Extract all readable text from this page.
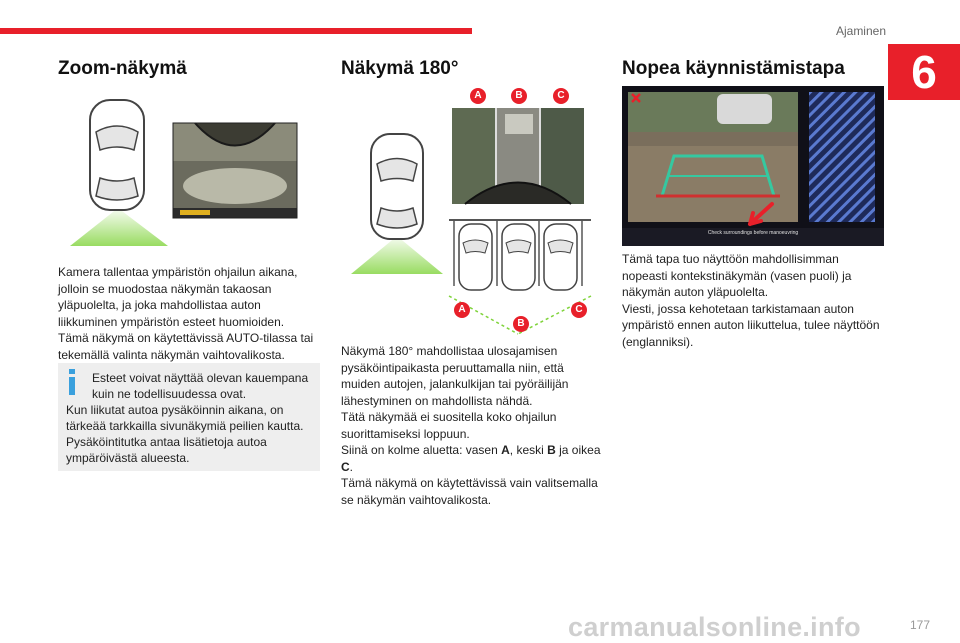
Ajaminen
6
Zoom-näkymä

Kamera tallentaa ympäristön ohjailun aikana,

jolloin se muodostaa näkymän takaosan

yläpuolelta, ja joka mahdollistaa auton

liikkuminen ympäristön esteet huomioiden.

Tämä näkymä on käytettävissä AUTO-tilassa tai

tekemällä valinta näkymän vaihtovalikosta.

Esteet voivat näyttää olevan kauempana kuin ne todellisuudessa ovat.

Kun liikutat autoa pysäköinnin aikana, on

tärkeää tarkkailla sivunäkymiä peilien kautta.

Pysäköintitutka antaa lisätietoja autoa

ympäröivästä alueesta.

Näkymä 180°
A	B	C
A
B
C

Näkymä 180° mahdollistaa ulosajamisen

pysäköintipaikasta peruuttamalla niin, että

muiden autojen, jalankulkijan tai pyöräilijän

lähestyminen on mahdollista nähdä.

Tätä näkymää ei suositella koko ohjailun

suorittamiseksi loppuun.

Siinä on kolme aluetta: vasen A, keski B ja oikea

C.

Tämä näkymä on käytettävissä vain valitsemalla

se näkymän vaihtovalikosta.

Nopea käynnistämistapa
Check surroundings before manoeuvring

Tämä tapa tuo näyttöön mahdollisimman

nopeasti kontekstinäkymän (vasen puoli) ja

näkymän auton yläpuolelta.

Viesti, jossa kehotetaan tarkistamaan auton

ympäristö ennen auton liikuttelua, tulee näyttöön

(englanniksi).

carmanualsonline.info	177
